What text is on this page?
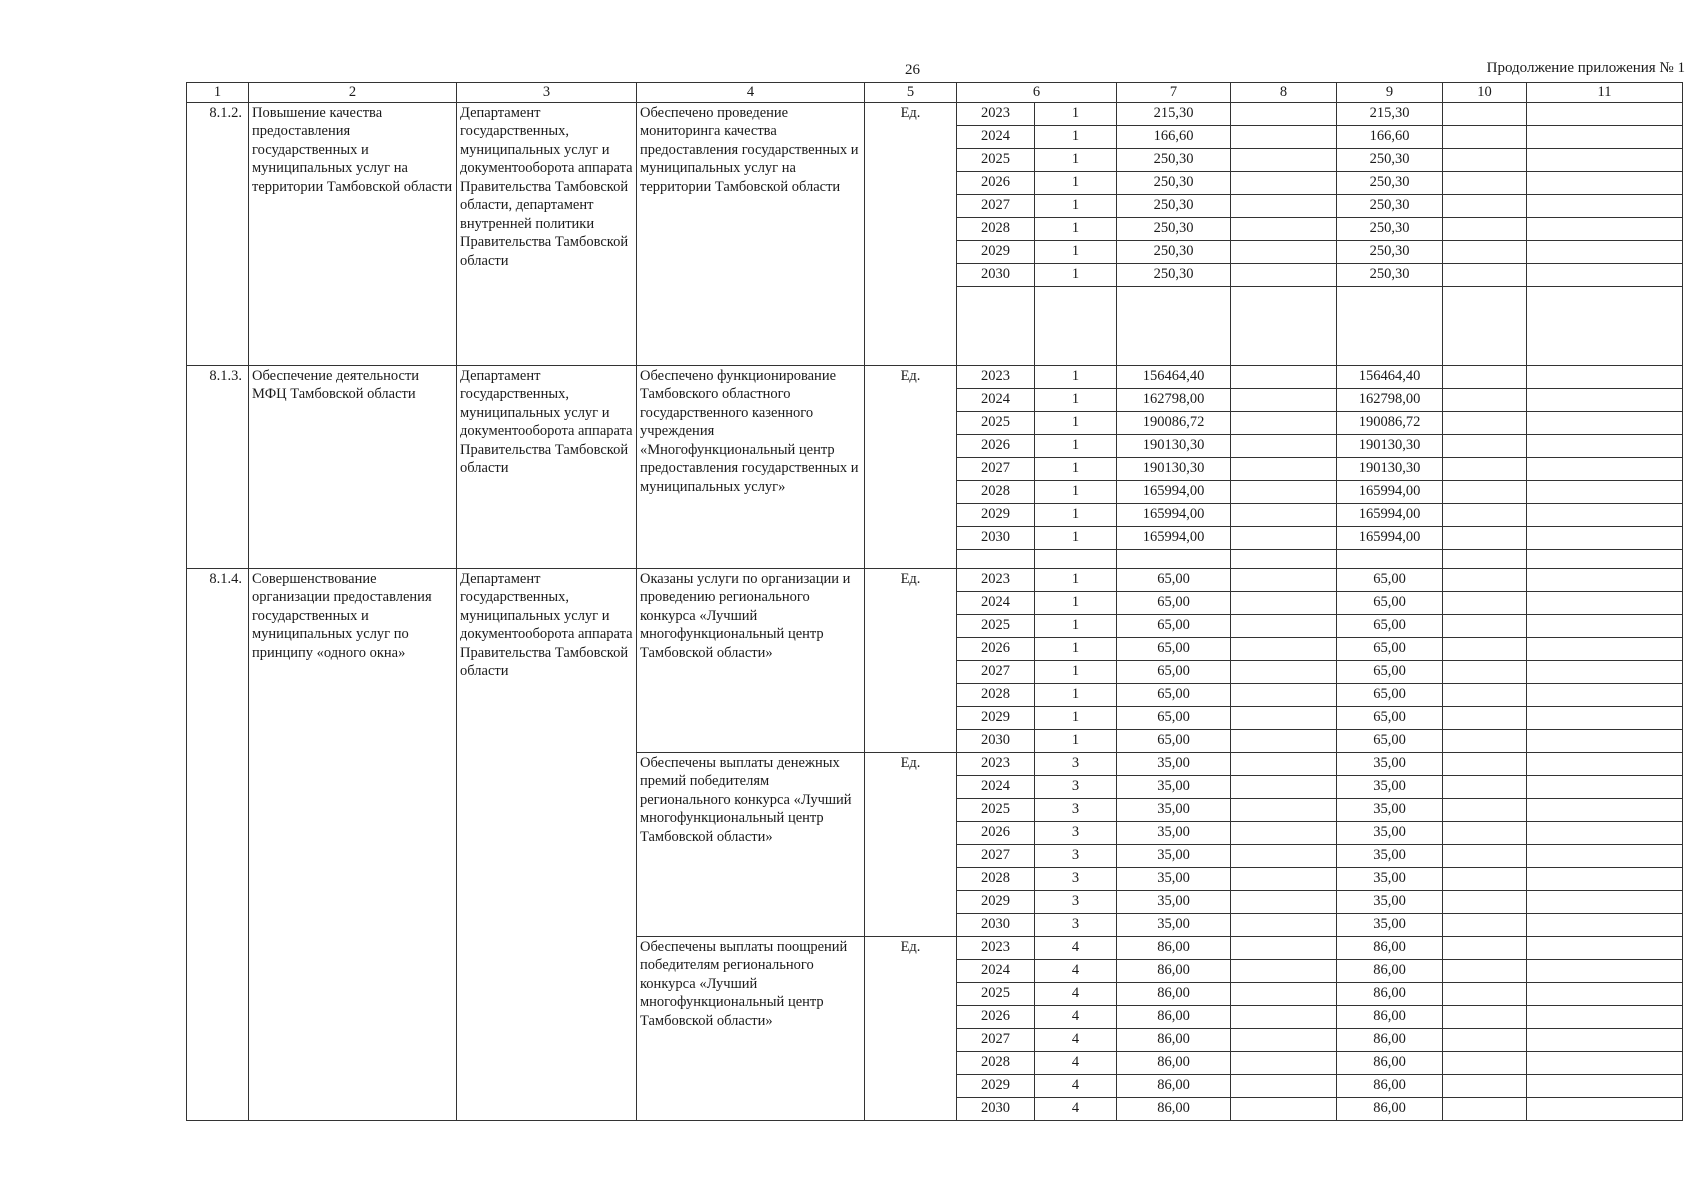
26	Продолжение приложения № 1
1	2	3	4	5	6		7	8	9	10	11
8.1.2.	Повышение качества предоставления государственных и муниципальных услуг на территории Тамбовской области	Департамент государственных, муниципальных услуг и документооборота аппарата Правительства Тамбовской области, департамент внутренней политики Правительства Тамбовской области	Обеспечено проведение мониторинга качества предоставления государственных и муниципальных услуг на территории Тамбовской области	Ед.	2023	1	215,30		215,30		
					2024	1	166,60		166,60		
					2025	1	250,30		250,30		
					2026	1	250,30		250,30		
					2027	1	250,30		250,30		
					2028	1	250,30		250,30		
					2029	1	250,30		250,30		
					2030	1	250,30		250,30		

8.1.3.	Обеспечение деятельности МФЦ Тамбовской области	Департамент государственных, муниципальных услуг и документооборота аппарата Правительства Тамбовской области	Обеспечено функционирование Тамбовского областного государственного казенного учреждения «Многофункциональный центр предоставления государственных и муниципальных услуг»	Ед.	2023	1	156464,40		156464,40		
					2024	1	162798,00		162798,00		
					2025	1	190086,72		190086,72		
					2026	1	190130,30		190130,30		
					2027	1	190130,30		190130,30		
					2028	1	165994,00		165994,00		
					2029	1	165994,00		165994,00		
					2030	1	165994,00		165994,00		

8.1.4.	Совершенствование организации предоставления государственных и муниципальных услуг по принципу «одного окна»	Департамент государственных, муниципальных услуг и документооборота аппарата Правительства Тамбовской области	Оказаны услуги по организации и проведению регионального конкурса «Лучший многофункциональный центр Тамбовской области»	Ед.	2023	1	65,00		65,00		
					2024	1	65,00		65,00		
					2025	1	65,00		65,00		
					2026	1	65,00		65,00		
					2027	1	65,00		65,00		
					2028	1	65,00		65,00		
					2029	1	65,00		65,00		
					2030	1	65,00		65,00		
			Обеспечены выплаты денежных премий победителям регионального конкурса «Лучший многофункциональный центр Тамбовской области»	Ед.	2023	3	35,00		35,00		
					2024	3	35,00		35,00		
					2025	3	35,00		35,00		
					2026	3	35,00		35,00		
					2027	3	35,00		35,00		
					2028	3	35,00		35,00		
					2029	3	35,00		35,00		
					2030	3	35,00		35,00		
			Обеспечены выплаты поощрений победителям регионального конкурса «Лучший многофункциональный центр Тамбовской области»	Ед.	2023	4	86,00		86,00		
					2024	4	86,00		86,00		
					2025	4	86,00		86,00		
					2026	4	86,00		86,00		
					2027	4	86,00		86,00		
					2028	4	86,00		86,00		
					2029	4	86,00		86,00		
					2030	4	86,00		86,00		
